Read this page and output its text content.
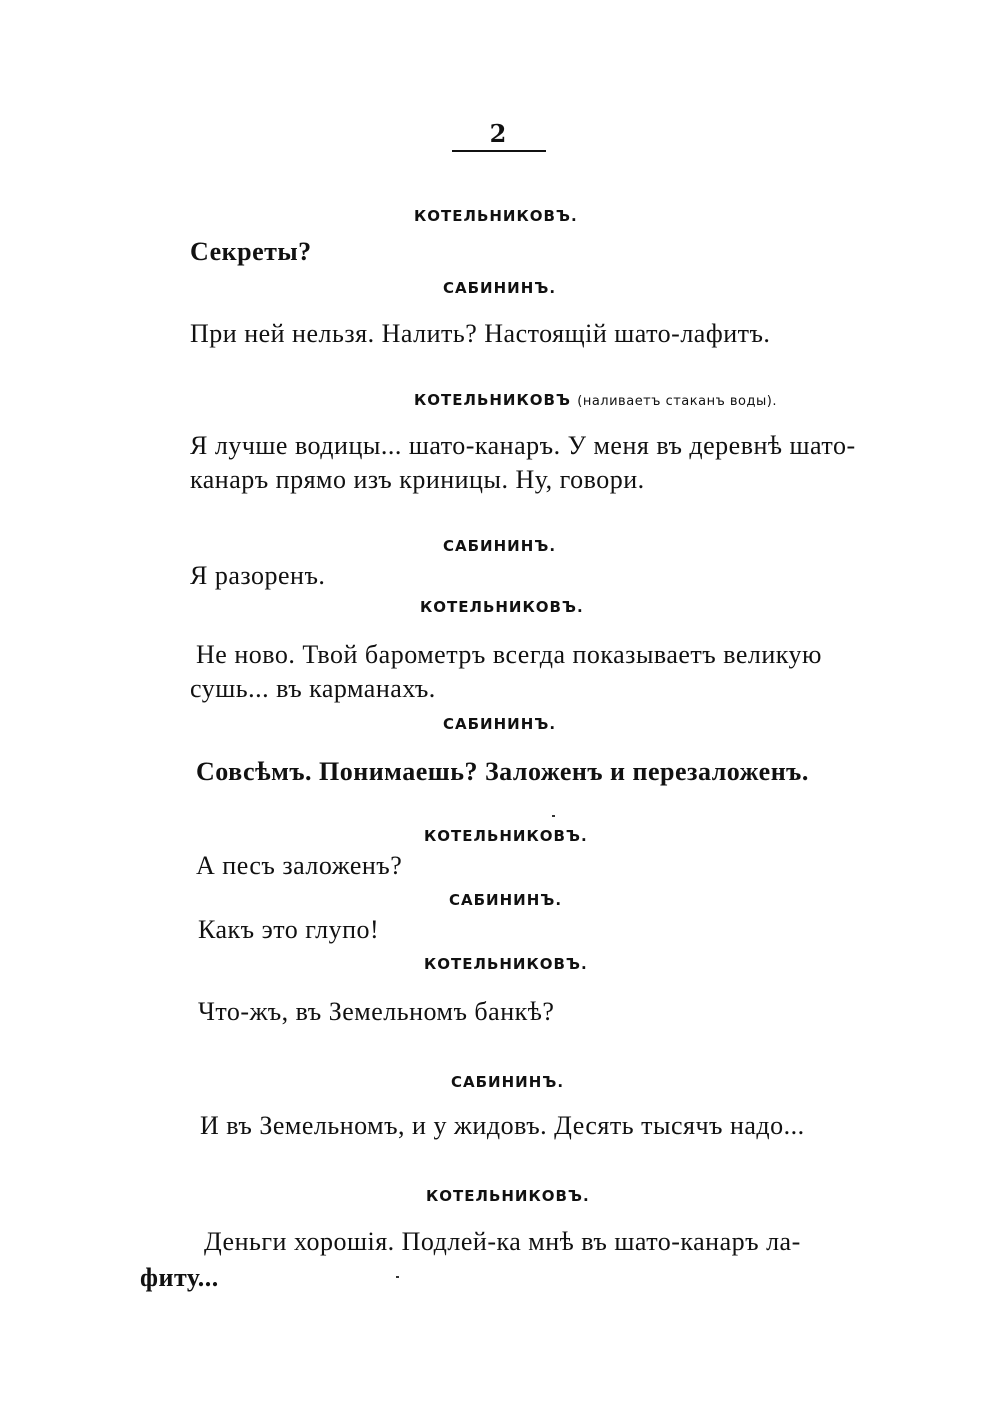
2
КОТЕЛЬНИКОВЪ.
Секреты?
САБИНИНЪ.
При ней нельзя. Налить? Настоящій шато-лафитъ.
КОТЕЛЬНИКОВЪ (наливаетъ стаканъ воды).
Я лучше водицы... шато-канаръ. У меня въ деревнѣ шато-
канаръ прямо изъ криницы. Ну, говори.
САБИНИНЪ.
Я разоренъ.
КОТЕЛЬНИКОВЪ.
Не ново. Твой барометръ всегда показываетъ великую
сушь... въ карманахъ.
САБИНИНЪ.
Совсѣмъ. Понимаешь? Заложенъ и перезаложенъ.
КОТЕЛЬНИКОВЪ.
А песъ заложенъ?
САБИНИНЪ.
Какъ это глупо!
КОТЕЛЬНИКОВЪ.
Что-жъ, въ Земельномъ банкѣ?
САБИНИНЪ.
И въ Земельномъ, и у жидовъ. Десять тысячъ надо...
КОТЕЛЬНИКОВЪ.
Деньги хорошія. Подлей-ка мнѣ въ шато-канаръ ла-
фиту...
